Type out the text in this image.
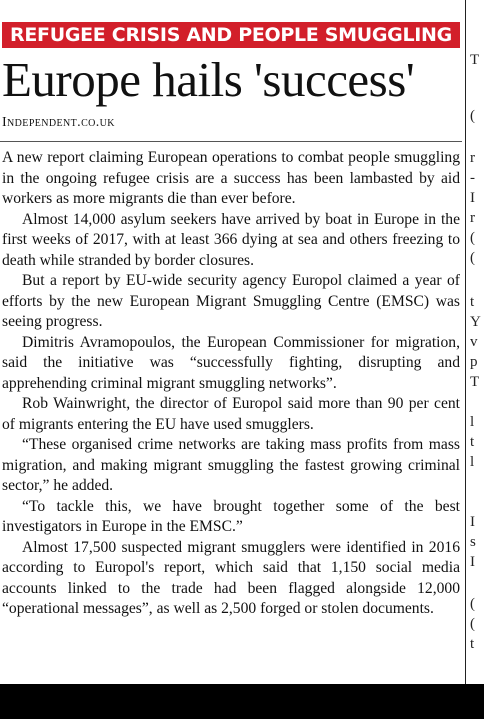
REFUGEE CRISIS AND PEOPLE SMUGGLING
Europe hails 'success'
Independent.co.uk

A new report claiming European operations to combat people smuggling in the ongoing refugee crisis are a success has been lambasted by aid workers as more migrants die than ever before.

Almost 14,000 asylum seekers have arrived by boat in Europe in the first weeks of 2017, with at least 366 dying at sea and others freezing to death while stranded by border closures.

But a report by EU-wide security agency Europol claimed a year of efforts by the new European Migrant Smuggling Centre (EMSC) was seeing progress.

Dimitris Avramopoulos, the European Commissioner for migration, said the initiative was “successfully fighting, disrupting and apprehending criminal migrant smuggling networks”.

Rob Wainwright, the director of Europol said more than 90 per cent of migrants entering the EU have used smugglers.

“These organised crime networks are taking mass profits from mass migration, and making migrant smuggling the fastest growing criminal sector,” he added.

“To tackle this, we have brought together some of the best investigators in Europe in the EMSC.”

Almost 17,500 suspected migrant smugglers were identified in 2016 according to Europol's report, which said that 1,150 social media accounts linked to the trade had been flagged alongside 12,000 “operational messages”, as well as 2,500 forged or stolen documents.

T
(
r
-
I
r
(
(
t
Y
v
p
T
l
t
l
I
s
I
(
(
t
